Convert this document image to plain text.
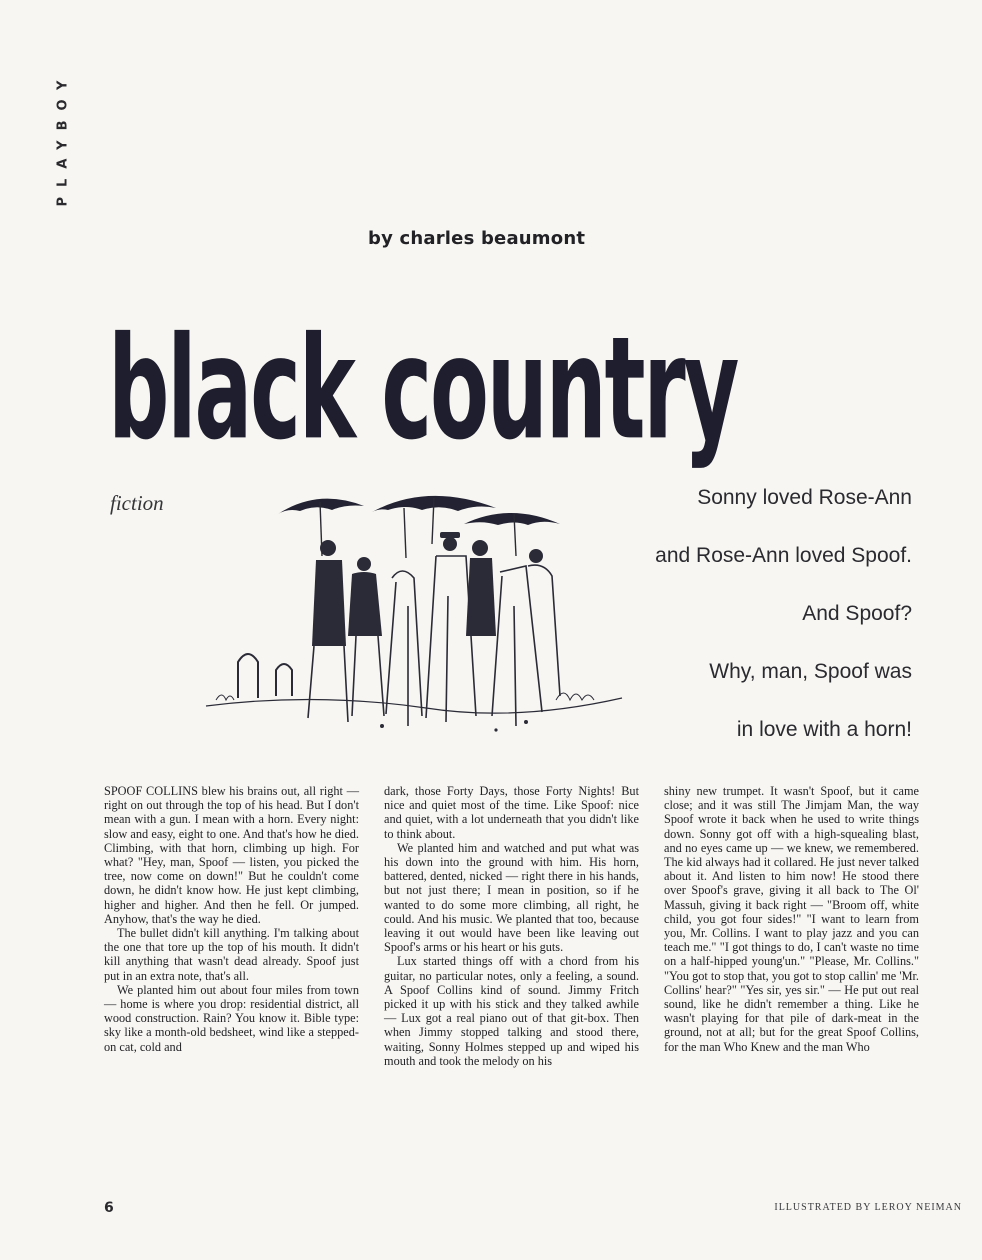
PLAYBOY
by charles beaumont
black country
fiction	Sonny loved Rose-Ann
and Rose-Ann loved Spoof.
And Spoof?
Why, man, Spoof was
in love with a horn!

SPOOF COLLINS blew his brains out, all right — right on out through the top of his head. But I don't mean with a gun. I mean with a horn. Every night: slow and easy, eight to one. And that's how he died. Climbing, with that horn, climbing up high. For what? "Hey, man, Spoof — listen, you picked the tree, now come on down!" But he couldn't come down, he didn't know how. He just kept climbing, higher and higher. And then he fell. Or jumped. Anyhow, that's the way he died.

The bullet didn't kill anything. I'm talking about the one that tore up the top of his mouth. It didn't kill anything that wasn't dead already. Spoof just put in an extra note, that's all.

We planted him out about four miles from town — home is where you drop: residential district, all wood construction. Rain? You know it. Bible type: sky like a month-old bedsheet, wind like a stepped-on cat, cold and

dark, those Forty Days, those Forty Nights! But nice and quiet most of the time. Like Spoof: nice and quiet, with a lot underneath that you didn't like to think about.

We planted him and watched and put what was his down into the ground with him. His horn, battered, dented, nicked — right there in his hands, but not just there; I mean in position, so if he wanted to do some more climbing, all right, he could. And his music. We planted that too, because leaving it out would have been like leaving out Spoof's arms or his heart or his guts.

Lux started things off with a chord from his guitar, no particular notes, only a feeling, a sound. A Spoof Collins kind of sound. Jimmy Fritch picked it up with his stick and they talked awhile — Lux got a real piano out of that git-box. Then when Jimmy stopped talking and stood there, waiting, Sonny Holmes stepped up and wiped his mouth and took the melody on his

shiny new trumpet. It wasn't Spoof, but it came close; and it was still The Jimjam Man, the way Spoof wrote it back when he used to write things down. Sonny got off with a high-squealing blast, and no eyes came up — we knew, we remembered. The kid always had it collared. He just never talked about it. And listen to him now! He stood there over Spoof's grave, giving it all back to The Ol' Massuh, giving it back right — "Broom off, white child, you got four sides!" "I want to learn from you, Mr. Collins. I want to play jazz and you can teach me." "I got things to do, I can't waste no time on a half-hipped young'un." "Please, Mr. Collins." "You got to stop that, you got to stop callin' me 'Mr. Collins' hear?" "Yes sir, yes sir." — He put out real sound, like he didn't remember a thing. Like he wasn't playing for that pile of dark-meat in the ground, not at all; but for the great Spoof Collins, for the man Who Knew and the man Who

6	ILLUSTRATED BY LEROY NEIMAN
